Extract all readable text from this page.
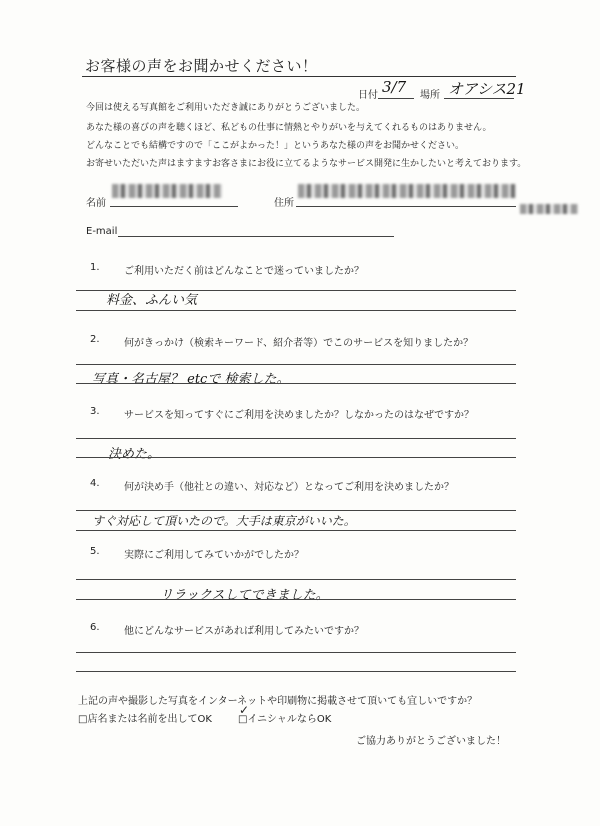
お客様の声をお聞かせください！
日付 3/7 場所 オアシス21
今回は使える写真館をご利用いただき誠にありがとうございました。
あなた様の喜びの声を聴くほど、私どもの仕事に情熱とやりがいを与えてくれるものはありません。
どんなことでも結構ですので「ここがよかった！」というあなた様の声をお聞かせください。
お寄せいただいた声はますますお客さまにお役に立てるようなサービス開発に生かしたいと考えております。
名前	住所
E-mail
1. ご利用いただく前はどんなことで迷っていましたか？
料金、ふんい気
2. 何がきっかけ（検索キーワード、紹介者等）でこのサービスを知りましたか？
写真・名古屋？ etcで 検索した。
3. サービスを知ってすぐにご利用を決めましたか？しなかったのはなぜですか？
決めた。
4. 何が決め手（他社との違い、対応など）となってご利用を決めましたか？
すぐ対応して頂いたので。大手は東京がいいた。
5. 実際にご利用してみていかがでしたか？
リラックスしてできました。
6. 他にどんなサービスがあれば利用してみたいですか？
上記の声や撮影した写真をインターネットや印刷物に掲載させて頂いても宜しいですか？
□店名または名前を出してOK	□イニシャルならOK
✓
ご協力ありがとうございました！
